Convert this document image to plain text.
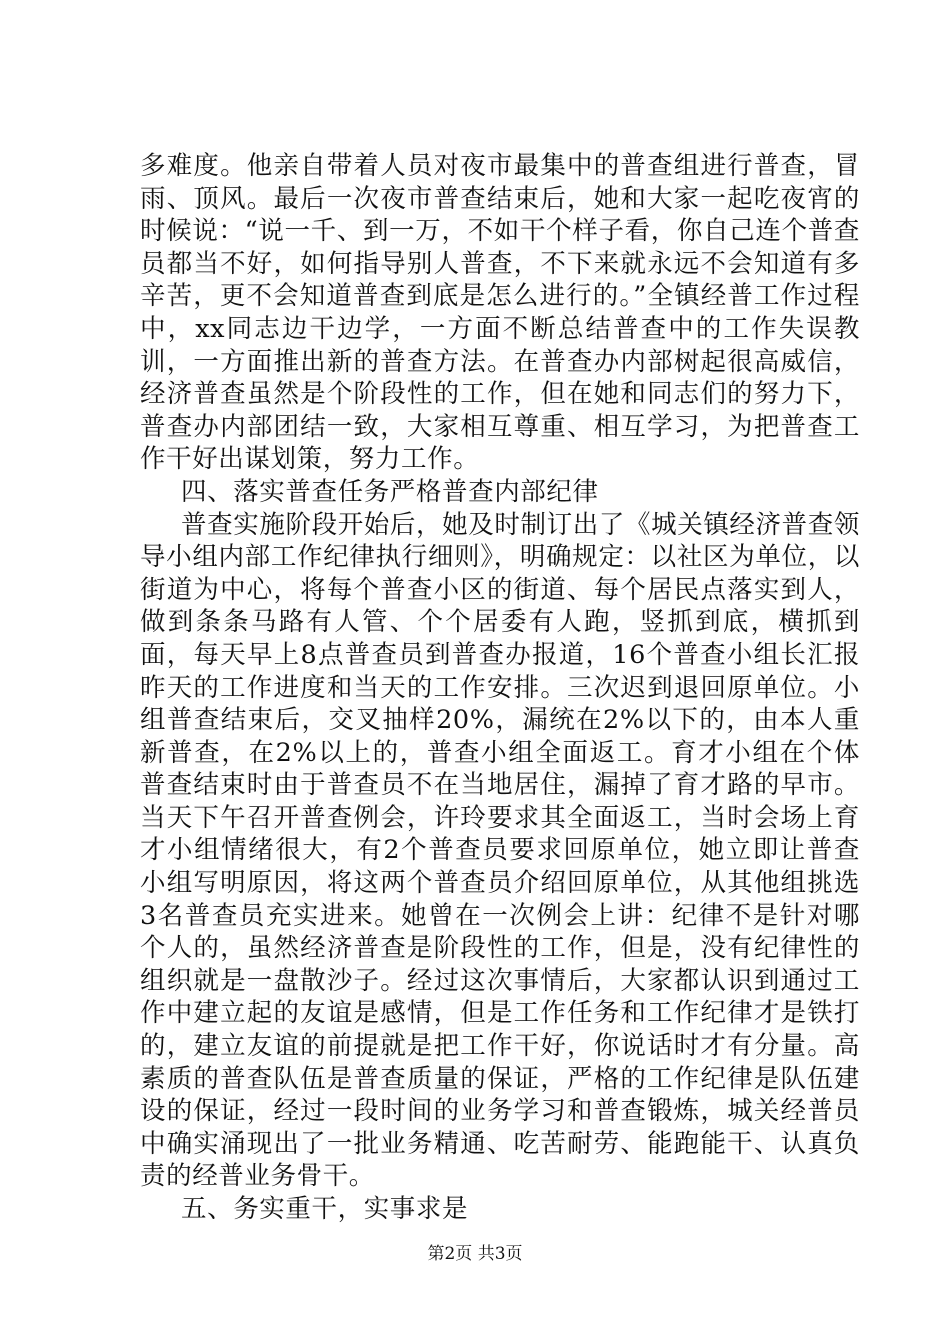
多难度。他亲自带着人员对夜市最集中的普查组进行普查，冒雨、顶风。最后一次夜市普查结束后，她和大家一起吃夜宵的时候说：“说一千、到一万，不如干个样子看，你自己连个普查员都当不好，如何指导别人普查，不下来就永远不会知道有多辛苦，更不会知道普查到底是怎么进行的。”全镇经普工作过程中，xx同志边干边学，一方面不断总结普查中的工作失误教训，一方面推出新的普查方法。在普查办内部树起很高威信，经济普查虽然是个阶段性的工作，但在她和同志们的努力下，普查办内部团结一致，大家相互尊重、相互学习，为把普查工作干好出谋划策，努力工作。

四、落实普查任务严格普查内部纪律

普查实施阶段开始后，她及时制订出了《城关镇经济普查领导小组内部工作纪律执行细则》，明确规定：以社区为单位，以街道为中心，将每个普查小区的街道、每个居民点落实到人，做到条条马路有人管、个个居委有人跑，竖抓到底，横抓到面，每天早上8点普查员到普查办报道，16个普查小组长汇报昨天的工作进度和当天的工作安排。三次迟到退回原单位。小组普查结束后，交叉抽样20%，漏统在2%以下的，由本人重新普查，在2%以上的，普查小组全面返工。育才小组在个体普查结束时由于普查员不在当地居住，漏掉了育才路的早市。当天下午召开普查例会，许玲要求其全面返工，当时会场上育才小组情绪很大，有2个普查员要求回原单位，她立即让普查小组写明原因，将这两个普查员介绍回原单位，从其他组挑选3名普查员充实进来。她曾在一次例会上讲：纪律不是针对哪个人的，虽然经济普查是阶段性的工作，但是，没有纪律性的组织就是一盘散沙子。经过这次事情后，大家都认识到通过工作中建立起的友谊是感情，但是工作任务和工作纪律才是铁打的，建立友谊的前提就是把工作干好，你说话时才有分量。高素质的普查队伍是普查质量的保证，严格的工作纪律是队伍建设的保证，经过一段时间的业务学习和普查锻炼，城关经普员中确实涌现出了一批业务精通、吃苦耐劳、能跑能干、认真负责的经普业务骨干。

五、务实重干，实事求是

第2页 共3页
